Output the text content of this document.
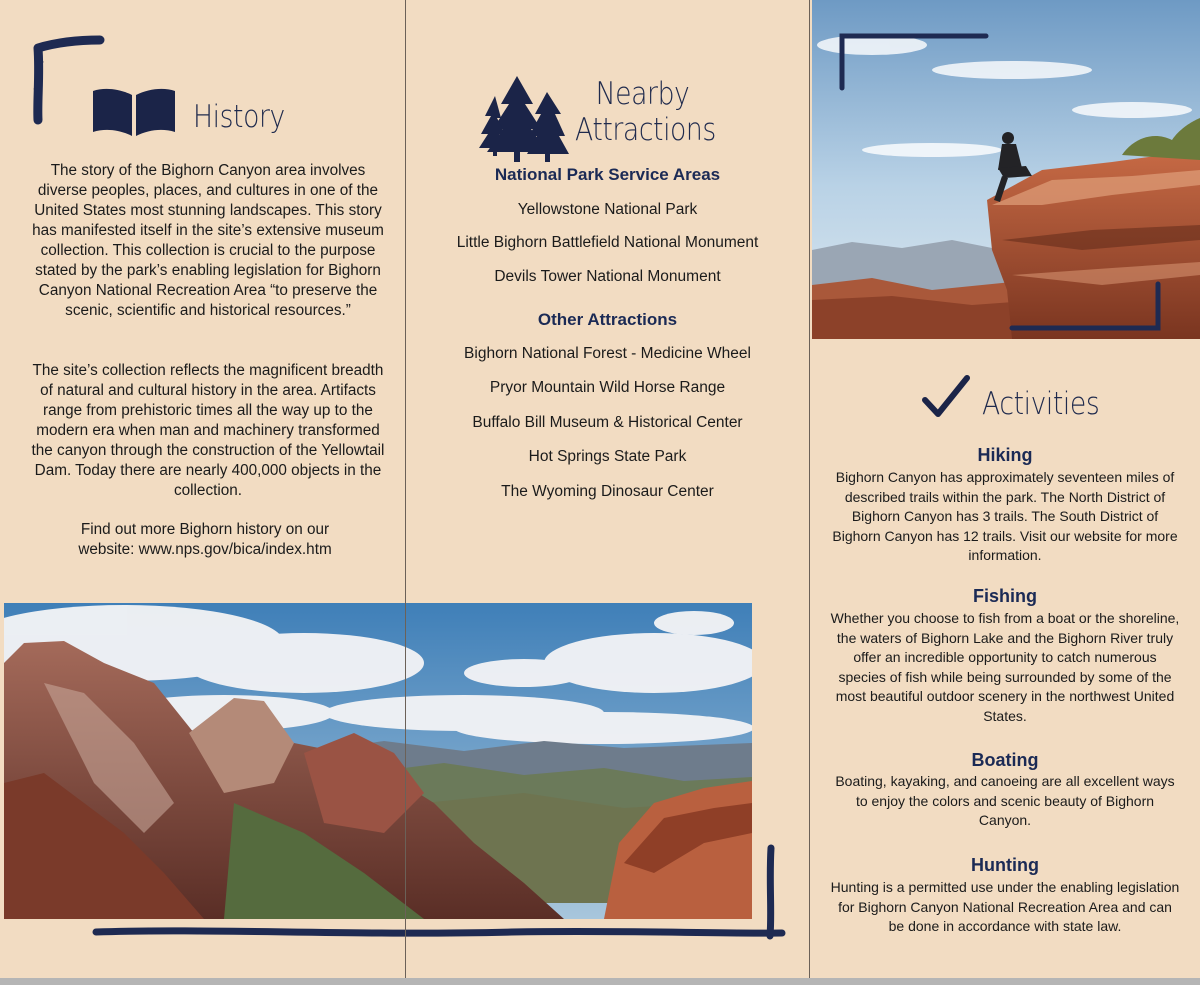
History
The story of the Bighorn Canyon area involves diverse peoples, places, and cultures in one of the United States most stunning landscapes. This story has manifested itself in the site’s extensive museum collection. This collection is crucial to the purpose stated by the park’s enabling legislation for Bighorn Canyon National Recreation Area “to preserve the scenic, scientific and historical resources.”
The site’s collection reflects the magnificent breadth of natural and cultural history in the area. Artifacts range from prehistoric times all the way up to the modern era when man and machinery transformed the canyon through the construction of the Yellowtail Dam. Today there are nearly 400,000 objects in the collection.
Find out more Bighorn history on our website: www.nps.gov/bica/index.htm
Nearby
Attractions
National Park Service Areas
Yellowstone National Park
Little Bighorn Battlefield National Monument
Devils Tower National Monument
Other Attractions
Bighorn National Forest - Medicine Wheel
Pryor Mountain Wild Horse Range
Buffalo Bill Museum & Historical Center
Hot Springs State Park
The Wyoming Dinosaur Center
Activities
Hiking
Bighorn Canyon has approximately seventeen miles of described trails within the park. The North District of Bighorn Canyon has 3 trails. The South District of Bighorn Canyon has 12 trails. Visit our website for more information.
Fishing
Whether you choose to fish from a boat or the shoreline, the waters of Bighorn Lake and the Bighorn River truly offer an incredible opportunity to catch numerous species of fish while being surrounded by some of the most beautiful outdoor scenery in the northwest United States.
Boating
Boating, kayaking, and canoeing are all excellent ways to enjoy the colors and scenic beauty of Bighorn Canyon.
Hunting
Hunting is a permitted use under the enabling legislation for Bighorn Canyon National Recreation Area and can be done in accordance with state law.
